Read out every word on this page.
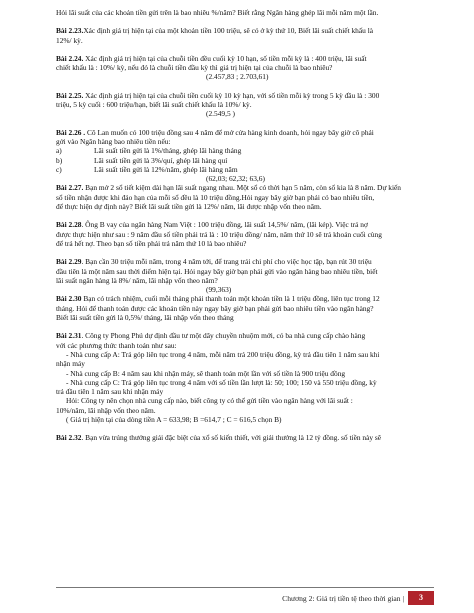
Hỏi lãi suất của các khoản tiền gửi trên là bao nhiêu %/năm? Biết rằng Ngân hàng ghép lãi mỗi năm một lần.

Bài 2.23.Xác định giá trị hiện tại của một khoản tiền 100 triệu, sẽ có ở kỳ thứ 10, Biết lãi suất chiết khấu là

12%/ kỳ.

Bài 2.24. Xác định giá trị hiện tại của chuỗi tiền đều cuối kỳ 10 hạn, số tiền mỗi kỳ là : 400 triệu, lãi suất

chiết khấu là : 10%/ kỳ, nếu đó là chuỗi tiền đầu kỳ thì giá trị hiện tại của chuỗi là bao nhiêu?

(2.457,83 ; 2.703,61)

Bài 2.25. Xác định giá trị hiện tại của chuỗi tiền cuối kỳ 10 kỳ hạn, với số tiền mỗi kỳ trong 5 kỳ đầu là : 300

triệu, 5 kỳ cuối : 600 triệu/hạn, biết lãi suất chiết khấu là 10%/ kỳ.

(2.549,5 )

Bài 2.26 . Cô Lan muốn có 100 triệu đồng sau 4 năm để mở cửa hàng kinh doanh, hỏi ngay bây giờ cô phải

gởi vào Ngân hàng bao nhiêu tiền nếu:

a)	Lãi suất tiền gửi là 1%/tháng, ghép lãi hàng tháng
b)	Lãi suất tiền gửi là 3%/quí, ghép lãi hàng quí
c)	Lãi suất tiền gửi là 12%/năm, ghép lãi hàng năm

(62,03; 62,32; 63,6)

Bài 2.27. Bạn mở 2 sổ tiết kiệm dài hạn lãi suất ngang nhau. Một sổ có thời hạn 5 năm, còn sổ kia là 8 năm. Dự kiến

sổ tiền nhận được khi đáo hạn của mỗi sổ đều là 10 triệu đồng.Hỏi ngay bây giờ bạn phải có bao nhiêu tiền,

để thực hiện dự định này? Biết lãi suất tiền gửi là 12%/ năm, lãi được nhập vốn theo năm.

Bài 2.28. Ông B vay của ngân hàng Nam Việt : 100 triệu đồng, lãi suất 14,5%/ năm, (lãi kép). Việc trả nợ

được thực hiện như sau : 9 năm đầu số tiền phải trả là : 10 triệu đồng/ năm, năm thứ 10 sẽ trả khoản cuối cùng

để trả hết nợ. Theo bạn số tiền phải trả năm thứ 10 là bao nhiêu?

Bài 2.29. Bạn cần 30 triệu mỗi năm, trong 4 năm tới, để trang trải chi phí cho việc học tập, bạn rút 30 triệu

đầu tiên là một năm sau thời điểm hiện tại. Hỏi ngay bây giờ bạn phải gửi vào ngân hàng bao nhiêu tiền, biết

lãi suất ngân hàng là 8%/ năm, lãi nhập vốn theo năm?

(99,363)

Bài 2.30 Bạn có trách nhiệm, cuối mỗi tháng phải thanh toán một khoản tiền là 1 triệu đồng, liên tục trong 12

tháng. Hỏi để thanh toán được các khoản tiền này ngay bây giờ bạn phải gửi bao nhiêu tiền vào ngân hàng?

Biết lãi suất tiền gửi là 0,5%/ tháng, lãi nhập vốn theo tháng

Bài 2.31. Công ty Phong Phú dự định đầu tư một dây chuyền nhuộm mới, có ba nhà cung cấp chào hàng

với các phương thức thanh toán như sau:

- Nhà cung cấp A: Trả góp liên tục trong 4 năm, mỗi năm trả 200 triệu đồng, kỳ trả đầu tiên 1 năm sau khi

nhận máy

- Nhà cung cấp B: 4 năm sau khi nhận máy, sẽ thanh toán một lần với số tiền là 900 triệu đồng

- Nhà cung cấp C: Trả góp liên tục trong 4 năm với số tiền lần lượt là: 50; 100; 150 và 550 triệu đồng, kỳ

trả đầu tiên 1 năm sau khi nhận máy

Hỏi: Công ty nên chọn nhà cung cấp nào, biết công ty có thể gửi tiền vào ngân hàng với lãi suất :

10%/năm, lãi nhập vốn theo năm.

( Giá trị hiện tại của dòng tiền A = 633,98; B =614,7 ; C = 616,5 chọn B)

Bài 2.32. Bạn vừa trúng thưởng giải đặc biệt của xổ số kiến thiết, với giải thưởng là 12 tỷ đồng. số tiền này sẽ

Chương 2: Giá trị tiền tệ theo thời gian |	3
